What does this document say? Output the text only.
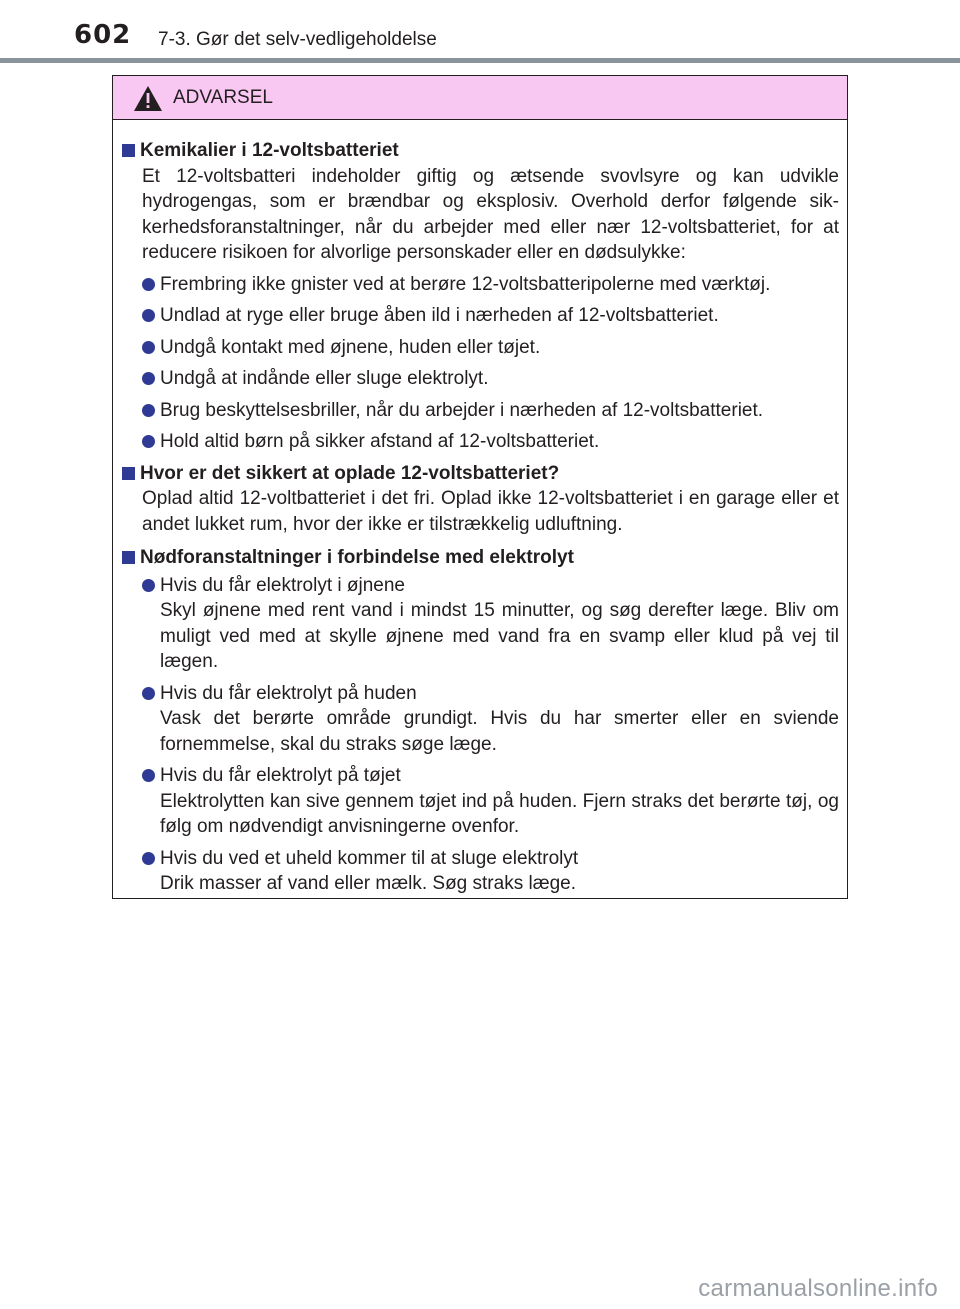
602 7-3. Gør det selv-vedligeholdelse
ADVARSEL
Kemikalier i 12-voltsbatteriet
Et 12-voltsbatteri indeholder giftig og ætsende svovlsyre og kan udvikle hydrogengas, som er brændbar og eksplosiv. Overhold derfor følgende sik-kerhedsforanstaltninger, når du arbejder med eller nær 12-voltsbatteriet, for at reducere risikoen for alvorlige personskader eller en dødsulykke:
Frembring ikke gnister ved at berøre 12-voltsbatteripolerne med værktøj.
Undlad at ryge eller bruge åben ild i nærheden af 12-voltsbatteriet.
Undgå kontakt med øjnene, huden eller tøjet.
Undgå at indånde eller sluge elektrolyt.
Brug beskyttelsesbriller, når du arbejder i nærheden af 12-voltsbatteriet.
Hold altid børn på sikker afstand af 12-voltsbatteriet.
Hvor er det sikkert at oplade 12-voltsbatteriet?
Oplad altid 12-voltbatteriet i det fri. Oplad ikke 12-voltsbatteriet i en garage eller et andet lukket rum, hvor der ikke er tilstrækkelig udluftning.
Nødforanstaltninger i forbindelse med elektrolyt
Hvis du får elektrolyt i øjnene
Skyl øjnene med rent vand i mindst 15 minutter, og søg derefter læge. Bliv om muligt ved med at skylle øjnene med vand fra en svamp eller klud på vej til lægen.
Hvis du får elektrolyt på huden
Vask det berørte område grundigt. Hvis du har smerter eller en sviende fornemmelse, skal du straks søge læge.
Hvis du får elektrolyt på tøjet
Elektrolytten kan sive gennem tøjet ind på huden. Fjern straks det berørte tøj, og følg om nødvendigt anvisningerne ovenfor.
Hvis du ved et uheld kommer til at sluge elektrolyt
Drik masser af vand eller mælk. Søg straks læge.
carmanualsonline.info
